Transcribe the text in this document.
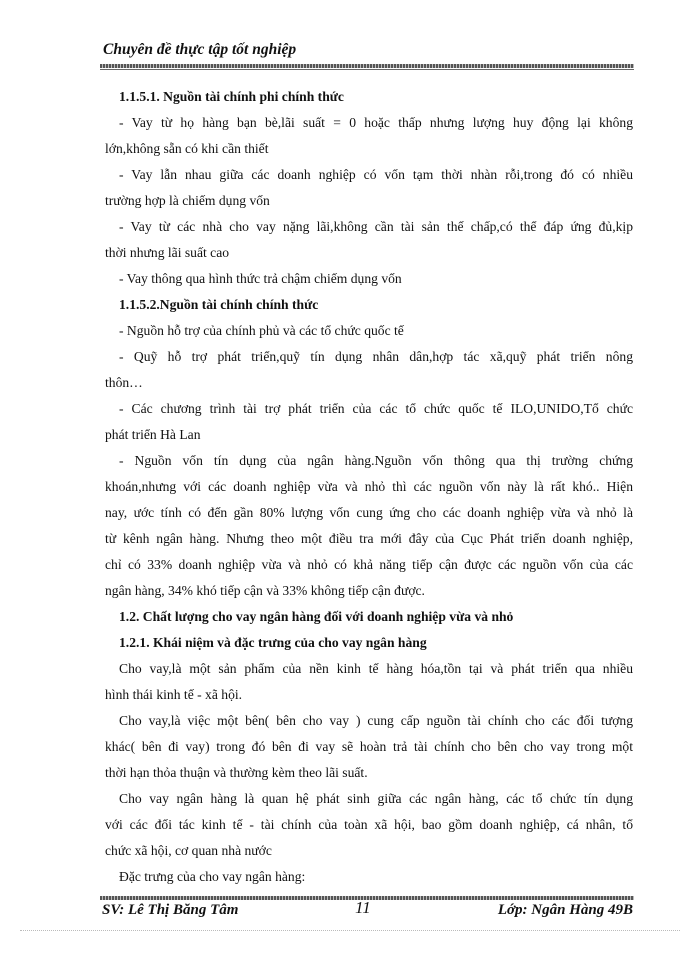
Chuyên đề thực tập tốt nghiệp

1.1.5.1. Nguồn tài chính phi chính thức

- Vay từ họ hàng bạn bè,lãi suất = 0 hoặc thấp nhưng lượng huy động lại không

lớn,không sẵn có khi cần thiết

- Vay lẫn nhau giữa các doanh nghiệp có vốn tạm thời nhàn rỗi,trong đó có nhiều

trường hợp là chiếm dụng vốn

- Vay từ các nhà cho vay nặng lãi,không cần tài sản thế chấp,có thể đáp ứng đủ,kịp

thời nhưng lãi suất cao

- Vay thông qua hình thức trả chậm chiếm dụng vốn

1.1.5.2.Nguồn tài chính chính thức

- Nguồn hỗ trợ của chính phủ và các tổ chức quốc tế

- Quỹ hỗ trợ phát triển,quỹ tín dụng nhân dân,hợp tác xã,quỹ phát triển nông

thôn…

- Các chương trình tài trợ phát triển của các tổ chức quốc tế ILO,UNIDO,Tổ chức

phát triển Hà Lan

- Nguồn vốn tín dụng của ngân hàng.Nguồn vốn thông qua thị trường chứng

khoán,nhưng với các doanh nghiệp vừa và nhỏ thì các nguồn vốn này là rất khó.. Hiện

nay, ước tính có đến gần 80% lượng vốn cung ứng cho các doanh nghiệp vừa và nhỏ là

từ kênh ngân hàng. Nhưng theo một điều tra mới đây của Cục Phát triển doanh nghiệp,

chỉ có 33% doanh nghiệp vừa và nhỏ có khả năng tiếp cận được các nguồn vốn của các

ngân hàng, 34% khó tiếp cận và 33% không tiếp cận được.

1.2. Chất lượng cho vay ngân hàng đối với doanh nghiệp vừa và nhỏ

1.2.1. Khái niệm và đặc trưng của cho vay ngân hàng

Cho vay,là một sản phẩm của nền kinh tế hàng hóa,tồn tại và phát triển qua nhiều

hình thái kinh tế - xã hội.

Cho vay,là việc một bên( bên cho vay ) cung cấp nguồn tài chính cho các đối tượng

khác( bên đi vay) trong đó bên đi vay sẽ hoàn trả tài chính cho bên cho vay trong một

thời hạn thỏa thuận và thường kèm theo lãi suất.

Cho vay ngân hàng là quan hệ phát sinh giữa các ngân hàng, các tổ chức tín dụng

với các đối tác kinh tế - tài chính của toàn xã hội, bao gồm doanh nghiệp, cá nhân, tổ

chức xã hội, cơ quan nhà nước

Đặc trưng của cho vay ngân hàng:

SV: Lê Thị Băng Tâm	11	Lớp: Ngân Hàng 49B
